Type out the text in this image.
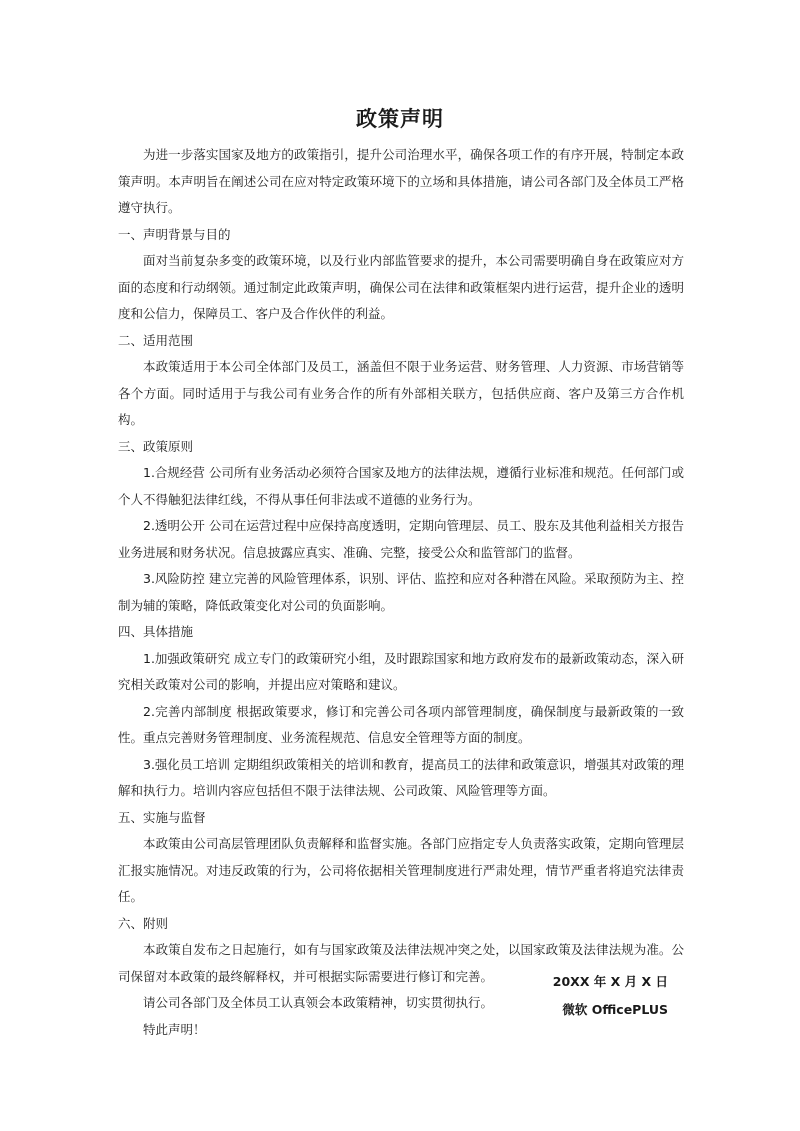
政策声明

为进一步落实国家及地方的政策指引，提升公司治理水平，确保各项工作的有序开展，特制定本政策声明。本声明旨在阐述公司在应对特定政策环境下的立场和具体措施，请公司各部门及全体员工严格遵守执行。

一、声明背景与目的

面对当前复杂多变的政策环境，以及行业内部监管要求的提升，本公司需要明确自身在政策应对方面的态度和行动纲领。通过制定此政策声明，确保公司在法律和政策框架内进行运营，提升企业的透明度和公信力，保障员工、客户及合作伙伴的利益。

二、适用范围

本政策适用于本公司全体部门及员工，涵盖但不限于业务运营、财务管理、人力资源、市场营销等各个方面。同时适用于与我公司有业务合作的所有外部相关联方，包括供应商、客户及第三方合作机构。

三、政策原则

1.合规经营 公司所有业务活动必须符合国家及地方的法律法规，遵循行业标准和规范。任何部门或个人不得触犯法律红线，不得从事任何非法或不道德的业务行为。

2.透明公开 公司在运营过程中应保持高度透明，定期向管理层、员工、股东及其他利益相关方报告业务进展和财务状况。信息披露应真实、准确、完整，接受公众和监管部门的监督。

3.风险防控 建立完善的风险管理体系，识别、评估、监控和应对各种潜在风险。采取预防为主、控制为辅的策略，降低政策变化对公司的负面影响。

四、具体措施

1.加强政策研究 成立专门的政策研究小组，及时跟踪国家和地方政府发布的最新政策动态，深入研究相关政策对公司的影响，并提出应对策略和建议。

2.完善内部制度 根据政策要求，修订和完善公司各项内部管理制度，确保制度与最新政策的一致性。重点完善财务管理制度、业务流程规范、信息安全管理等方面的制度。

3.强化员工培训 定期组织政策相关的培训和教育，提高员工的法律和政策意识，增强其对政策的理解和执行力。培训内容应包括但不限于法律法规、公司政策、风险管理等方面。

五、实施与监督

本政策由公司高层管理团队负责解释和监督实施。各部门应指定专人负责落实政策，定期向管理层汇报实施情况。对违反政策的行为，公司将依据相关管理制度进行严肃处理，情节严重者将追究法律责任。

六、附则

本政策自发布之日起施行，如有与国家政策及法律法规冲突之处，以国家政策及法律法规为准。公司保留对本政策的最终解释权，并可根据实际需要进行修订和完善。

请公司各部门及全体员工认真领会本政策精神，切实贯彻执行。

特此声明！

20XX 年 X 月 X 日
微软 OfficePLUS
